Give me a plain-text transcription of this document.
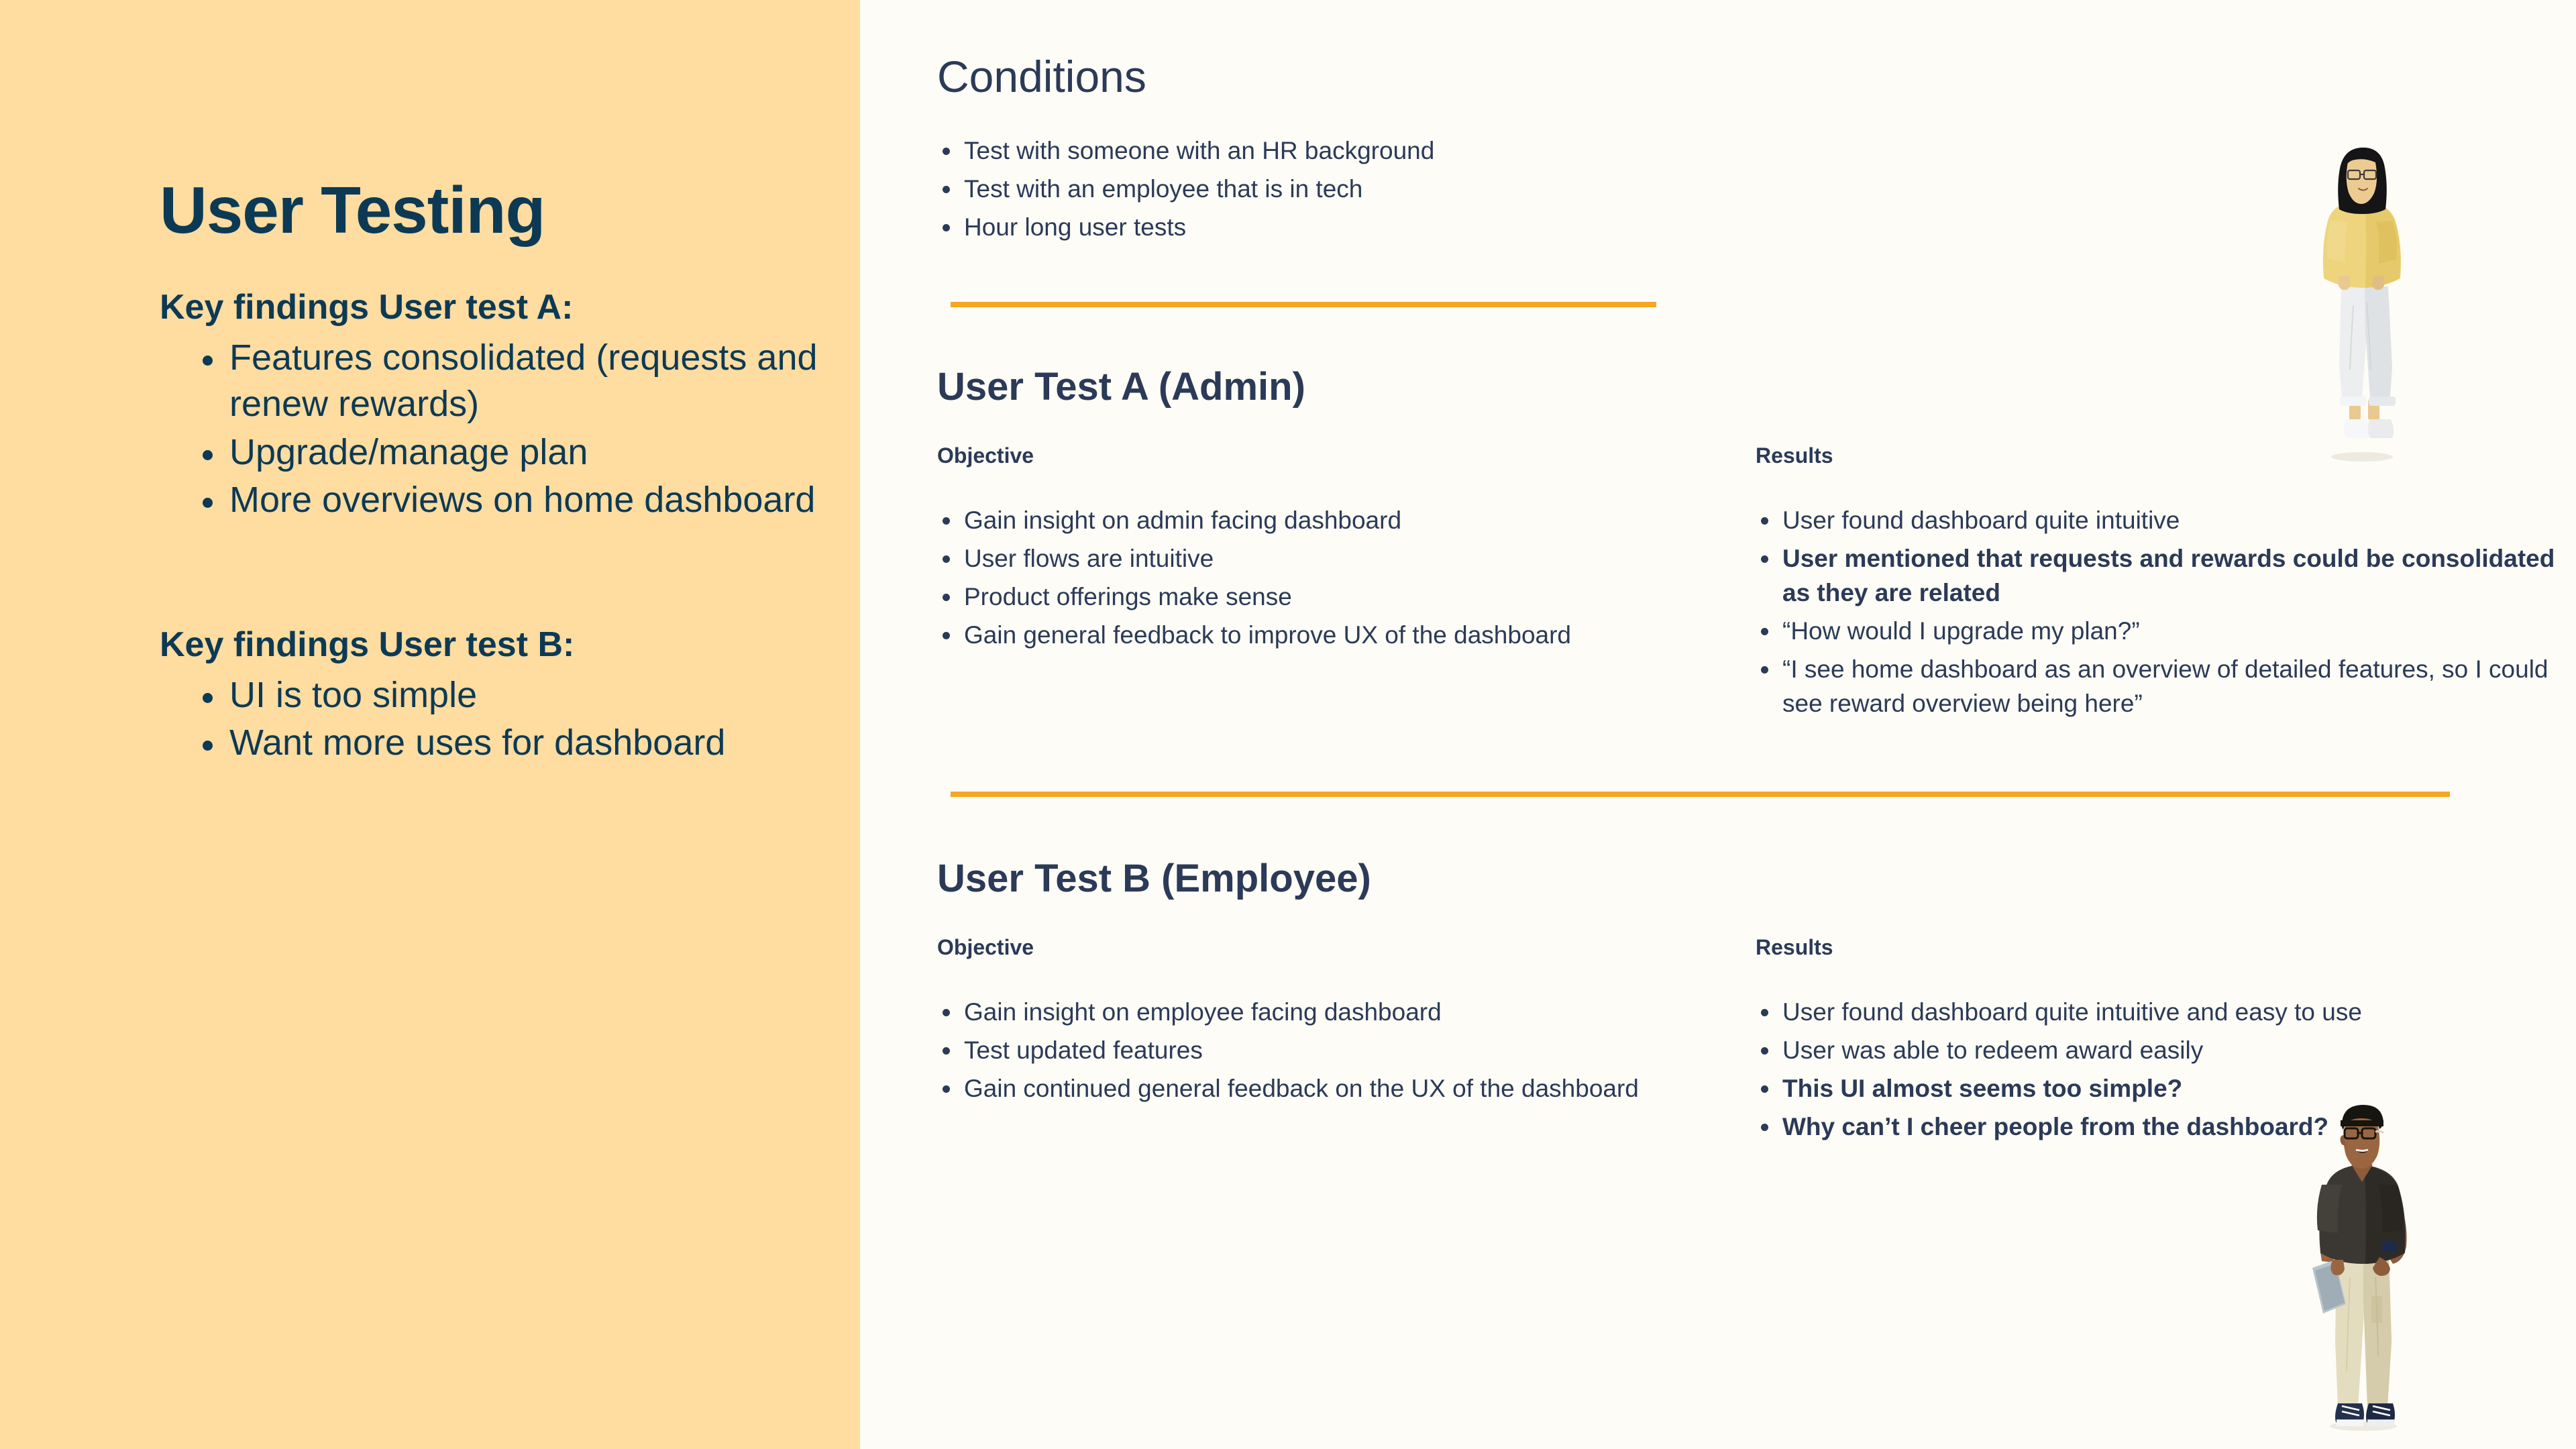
User Testing
Key findings User test A:
Features consolidated (requests and renew rewards)
Upgrade/manage plan
More overviews on home dashboard
Key findings User test B:
UI is too simple
Want more uses for dashboard
Conditions
Test with someone with an HR background
Test with an employee that is in tech
Hour long user tests
User Test A (Admin)
Objective
Gain insight on admin facing dashboard
User flows are intuitive
Product offerings make sense
Gain general feedback to improve UX of the dashboard
Results
User found dashboard quite intuitive
User mentioned that requests and rewards could be consolidated as they are related
“How would I upgrade my plan?”
“I see home dashboard as an overview of detailed features, so I could see reward overview being here”
User Test B (Employee)
Objective
Gain insight on employee facing dashboard
Test updated features
Gain continued general feedback on the UX of the dashboard
Results
User found dashboard quite intuitive and easy to use
User was able to redeem award easily
This UI almost seems too simple?
Why can’t I cheer people from the dashboard?
